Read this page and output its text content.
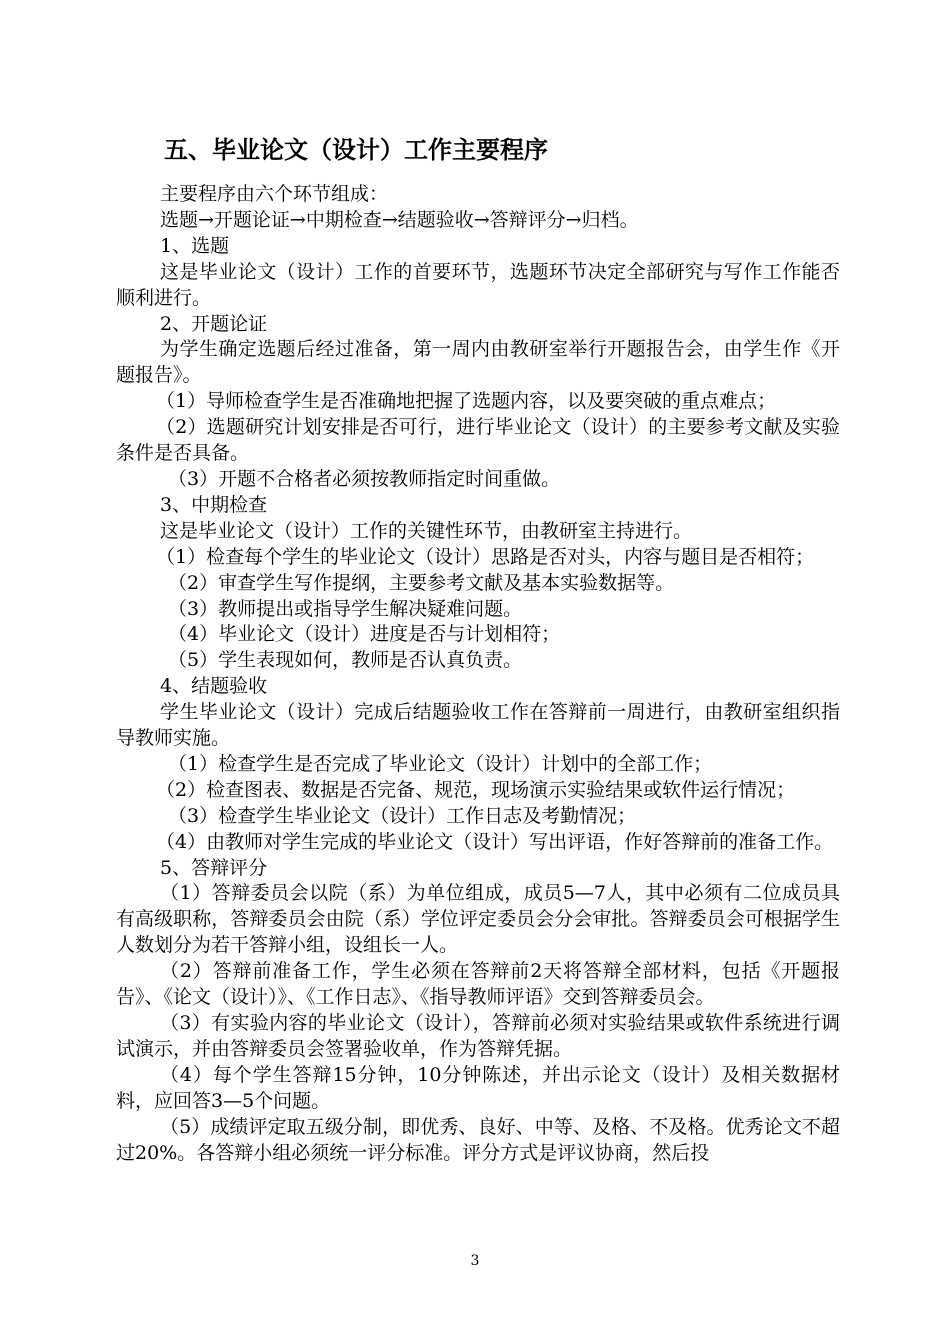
五、毕业论文（设计）工作主要程序

主要程序由六个环节组成：

选题→开题论证→中期检查→结题验收→答辩评分→归档。

1、选题

这是毕业论文（设计）工作的首要环节，选题环节决定全部研究与写作工作能否顺利进行。

2、开题论证

为学生确定选题后经过准备，第一周内由教研室举行开题报告会，由学生作《开题报告》。

（1）导师检查学生是否准确地把握了选题内容，以及要突破的重点难点；

（2）选题研究计划安排是否可行，进行毕业论文（设计）的主要参考文献及实验条件是否具备。

（3）开题不合格者必须按教师指定时间重做。

3、中期检查

这是毕业论文（设计）工作的关键性环节，由教研室主持进行。

（1）检查每个学生的毕业论文（设计）思路是否对头，内容与题目是否相符；

（2）审查学生写作提纲，主要参考文献及基本实验数据等。

（3）教师提出或指导学生解决疑难问题。

（4）毕业论文（设计）进度是否与计划相符；

（5）学生表现如何，教师是否认真负责。

4、结题验收

学生毕业论文（设计）完成后结题验收工作在答辩前一周进行，由教研室组织指导教师实施。

（1）检查学生是否完成了毕业论文（设计）计划中的全部工作；

（2）检查图表、数据是否完备、规范，现场演示实验结果或软件运行情况；

（3）检查学生毕业论文（设计）工作日志及考勤情况；

（4）由教师对学生完成的毕业论文（设计）写出评语，作好答辩前的准备工作。

5、答辩评分

（1）答辩委员会以院（系）为单位组成，成员5—7人，其中必须有二位成员具有高级职称，答辩委员会由院（系）学位评定委员会分会审批。答辩委员会可根据学生人数划分为若干答辩小组，设组长一人。

（2）答辩前准备工作，学生必须在答辩前2天将答辩全部材料，包括《开题报告》、《论文（设计）》、《工作日志》、《指导教师评语》交到答辩委员会。

（3）有实验内容的毕业论文（设计），答辩前必须对实验结果或软件系统进行调试演示，并由答辩委员会签署验收单，作为答辩凭据。

（4）每个学生答辩15分钟，10分钟陈述，并出示论文（设计）及相关数据材料，应回答3—5个问题。

（5）成绩评定取五级分制，即优秀、良好、中等、及格、不及格。优秀论文不超过20%。各答辩小组必须统一评分标准。评分方式是评议协商，然后投

3
